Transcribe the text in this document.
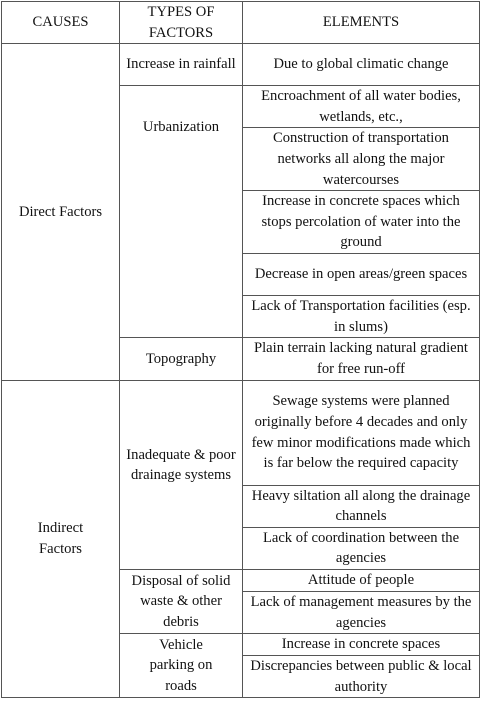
CAUSES	TYPES OF FACTORS	ELEMENTS
Direct Factors	Increase in rainfall	Due to global climatic change
	Urbanization	Encroachment of all water bodies, wetlands, etc.,
		Construction of transportation networks all along the major watercourses
		Increase in concrete spaces which stops percolation of water into the ground
		Decrease in open areas/green spaces
		Lack of Transportation facilities (esp. in slums)
	Topography	Plain terrain lacking natural gradient for free run-off
Indirect Factors	Inadequate & poor drainage systems	Sewage systems were planned originally before 4 decades and only few minor modifications made which is far below the required capacity
		Heavy siltation all along the drainage channels
		Lack of coordination between the agencies
	Disposal of solid waste & other debris	Attitude of people
		Lack of management measures by the agencies
	Vehicle parking on roads	Increase in concrete spaces
		Discrepancies between public & local authority
